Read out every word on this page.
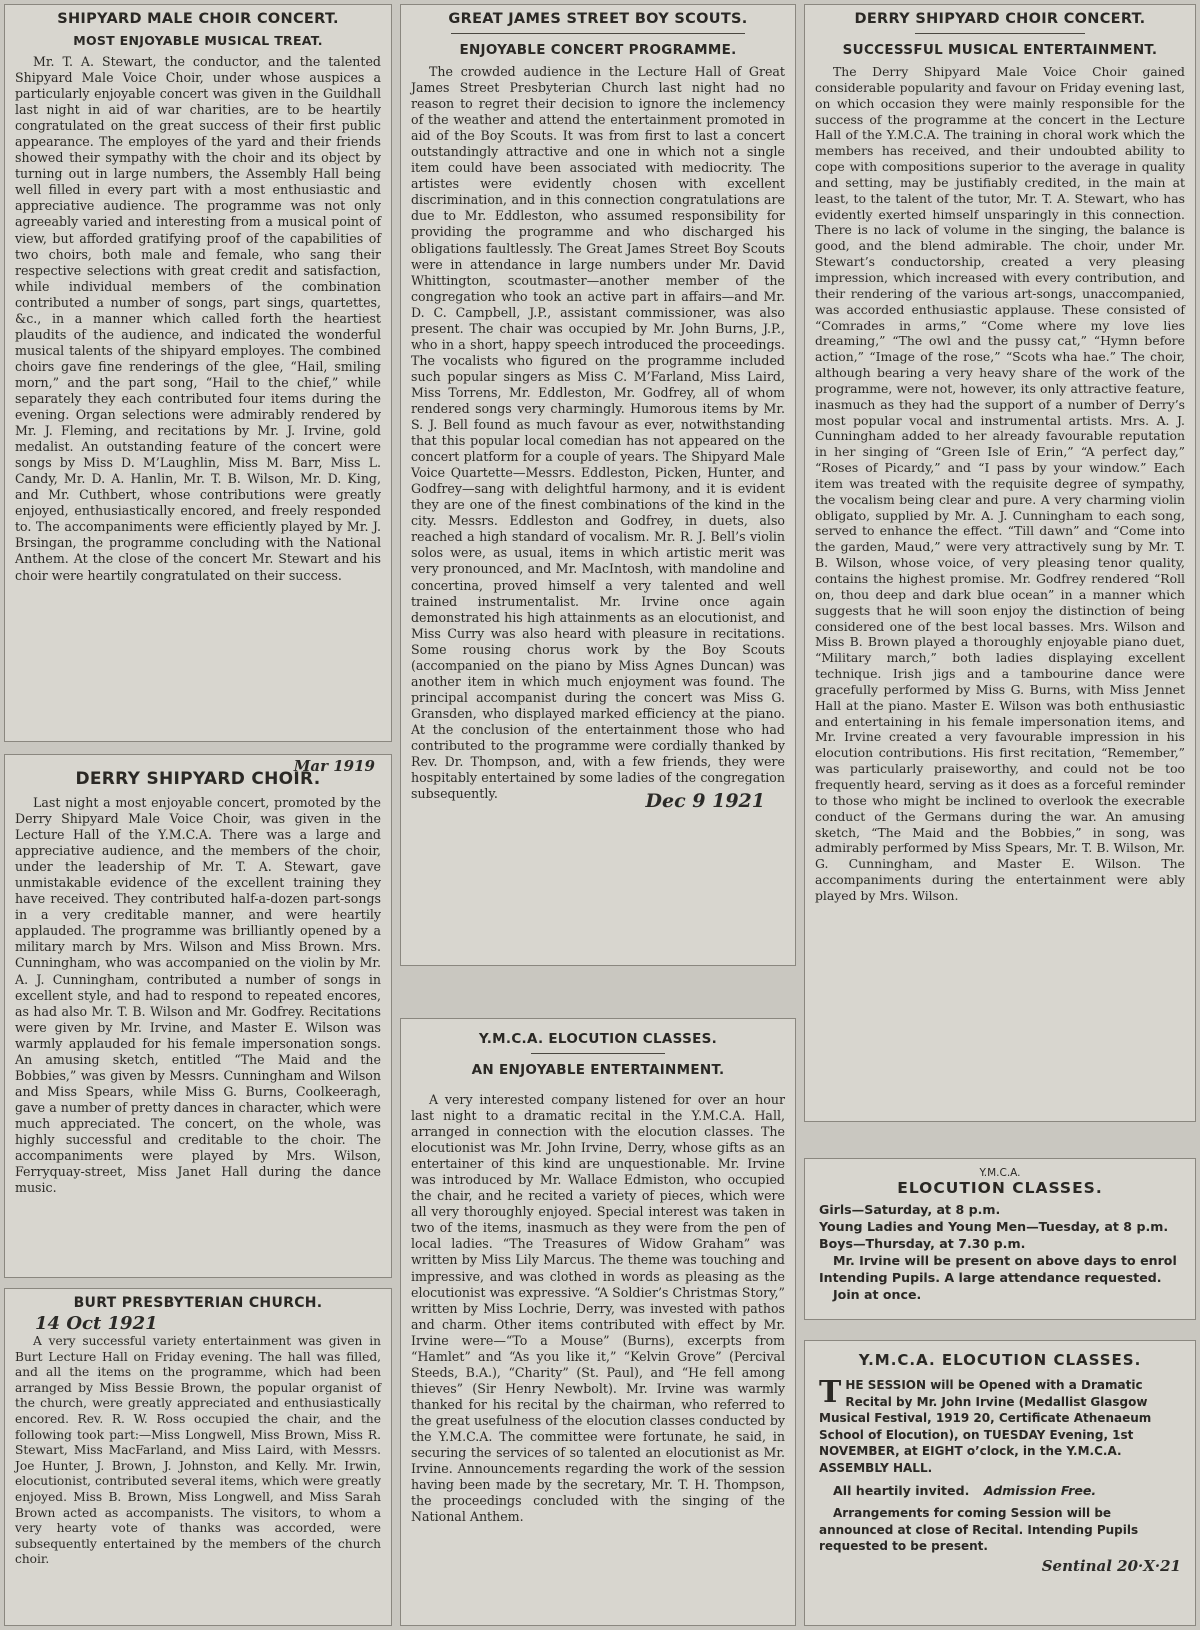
SHIPYARD MALE CHOIR CONCERT.
MOST ENJOYABLE MUSICAL TREAT.

Mr. T. A. Stewart, the conductor, and the talented Shipyard Male Voice Choir, under whose auspices a particularly enjoyable concert was given in the Guildhall last night in aid of war charities, are to be heartily congratulated on the great success of their first public appearance. The employes of the yard and their friends showed their sympathy with the choir and its object by turning out in large numbers, the Assembly Hall being well filled in every part with a most enthusiastic and appreciative audience. The programme was not only agreeably varied and interesting from a musical point of view, but afforded gratifying proof of the capabilities of two choirs, both male and female, who sang their respective selections with great credit and satisfaction, while individual members of the combination contributed a number of songs, part sings, quartettes, &c., in a manner which called forth the heartiest plaudits of the audience, and indicated the wonderful musical talents of the shipyard employes. The combined choirs gave fine renderings of the glee, “Hail, smiling morn,” and the part song, “Hail to the chief,” while separately they each contributed four items during the evening. Organ selections were admirably rendered by Mr. J. Fleming, and recitations by Mr. J. Irvine, gold medalist. An outstanding feature of the concert were songs by Miss D. M’Laughlin, Miss M. Barr, Miss L. Candy, Mr. D. A. Hanlin, Mr. T. B. Wilson, Mr. D. King, and Mr. Cuthbert, whose contributions were greatly enjoyed, enthusiastically encored, and freely responded to. The accompaniments were efficiently played by Mr. J. Brsingan, the programme concluding with the National Anthem. At the close of the concert Mr. Stewart and his choir were heartily congratulated on their success.

DERRY SHIPYARD CHOIR.
Mar 1919

Last night a most enjoyable concert, promoted by the Derry Shipyard Male Voice Choir, was given in the Lecture Hall of the Y.M.C.A. There was a large and appreciative audience, and the members of the choir, under the leadership of Mr. T. A. Stewart, gave unmistakable evidence of the excellent training they have received. They contributed half-a-dozen part-songs in a very creditable manner, and were heartily applauded. The programme was brilliantly opened by a military march by Mrs. Wilson and Miss Brown. Mrs. Cunningham, who was accompanied on the violin by Mr. A. J. Cunningham, contributed a number of songs in excellent style, and had to respond to repeated encores, as had also Mr. T. B. Wilson and Mr. Godfrey. Recitations were given by Mr. Irvine, and Master E. Wilson was warmly applauded for his female impersonation songs. An amusing sketch, entitled “The Maid and the Bobbies,” was given by Messrs. Cunningham and Wilson and Miss Spears, while Miss G. Burns, Coolkeeragh, gave a number of pretty dances in character, which were much appreciated. The concert, on the whole, was highly successful and creditable to the choir. The accompaniments were played by Mrs. Wilson, Ferryquay-street, Miss Janet Hall during the dance music.

BURT PRESBYTERIAN CHURCH.
14 Oct 1921

A very successful variety entertainment was given in Burt Lecture Hall on Friday evening. The hall was filled, and all the items on the programme, which had been arranged by Miss Bessie Brown, the popular organist of the church, were greatly appreciated and enthusiastically encored. Rev. R. W. Ross occupied the chair, and the following took part:—Miss Longwell, Miss Brown, Miss R. Stewart, Miss MacFarland, and Miss Laird, with Messrs. Joe Hunter, J. Brown, J. Johnston, and Kelly. Mr. Irwin, elocutionist, contributed several items, which were greatly enjoyed. Miss B. Brown, Miss Longwell, and Miss Sarah Brown acted as accompanists. The visitors, to whom a very hearty vote of thanks was accorded, were subsequently entertained by the members of the church choir.

GREAT JAMES STREET BOY SCOUTS.
ENJOYABLE CONCERT PROGRAMME.

The crowded audience in the Lecture Hall of Great James Street Presbyterian Church last night had no reason to regret their decision to ignore the inclemency of the weather and attend the entertainment promoted in aid of the Boy Scouts. It was from first to last a concert outstandingly attractive and one in which not a single item could have been associated with mediocrity. The artistes were evidently chosen with excellent discrimination, and in this connection congratulations are due to Mr. Eddleston, who assumed responsibility for providing the programme and who discharged his obligations faultlessly. The Great James Street Boy Scouts were in attendance in large numbers under Mr. David Whittington, scoutmaster—another member of the congregation who took an active part in affairs—and Mr. D. C. Campbell, J.P., assistant commissioner, was also present. The chair was occupied by Mr. John Burns, J.P., who in a short, happy speech introduced the proceedings. The vocalists who figured on the programme included such popular singers as Miss C. M’Farland, Miss Laird, Miss Torrens, Mr. Eddleston, Mr. Godfrey, all of whom rendered songs very charmingly. Humorous items by Mr. S. J. Bell found as much favour as ever, notwithstanding that this popular local comedian has not appeared on the concert platform for a couple of years. The Shipyard Male Voice Quartette—Messrs. Eddleston, Picken, Hunter, and Godfrey—sang with delightful harmony, and it is evident they are one of the finest combinations of the kind in the city. Messrs. Eddleston and Godfrey, in duets, also reached a high standard of vocalism. Mr. R. J. Bell’s violin solos were, as usual, items in which artistic merit was very pronounced, and Mr. MacIntosh, with mandoline and concertina, proved himself a very talented and well trained instrumentalist. Mr. Irvine once again demonstrated his high attainments as an elocutionist, and Miss Curry was also heard with pleasure in recitations. Some rousing chorus work by the Boy Scouts (accompanied on the piano by Miss Agnes Duncan) was another item in which much enjoyment was found. The principal accompanist during the concert was Miss G. Gransden, who displayed marked efficiency at the piano. At the conclusion of the entertainment those who had contributed to the programme were cordially thanked by Rev. Dr. Thompson, and, with a few friends, they were hospitably entertained by some ladies of the congregation subsequently.	Dec 9 1921
Y.M.C.A. ELOCUTION CLASSES.
AN ENJOYABLE ENTERTAINMENT.

A very interested company listened for over an hour last night to a dramatic recital in the Y.M.C.A. Hall, arranged in connection with the elocution classes. The elocutionist was Mr. John Irvine, Derry, whose gifts as an entertainer of this kind are unquestionable. Mr. Irvine was introduced by Mr. Wallace Edmiston, who occupied the chair, and he recited a variety of pieces, which were all very thoroughly enjoyed. Special interest was taken in two of the items, inasmuch as they were from the pen of local ladies. “The Treasures of Widow Graham” was written by Miss Lily Marcus. The theme was touching and impressive, and was clothed in words as pleasing as the elocutionist was expressive. “A Soldier’s Christmas Story,” written by Miss Lochrie, Derry, was invested with pathos and charm. Other items contributed with effect by Mr. Irvine were—“To a Mouse” (Burns), excerpts from “Hamlet” and “As you like it,” “Kelvin Grove” (Percival Steeds, B.A.), “Charity” (St. Paul), and “He fell among thieves” (Sir Henry Newbolt). Mr. Irvine was warmly thanked for his recital by the chairman, who referred to the great usefulness of the elocution classes conducted by the Y.M.C.A. The committee were fortunate, he said, in securing the services of so talented an elocutionist as Mr. Irvine. Announcements regarding the work of the session having been made by the secretary, Mr. T. H. Thompson, the proceedings concluded with the singing of the National Anthem.

DERRY SHIPYARD CHOIR CONCERT.
SUCCESSFUL MUSICAL ENTERTAINMENT.

The Derry Shipyard Male Voice Choir gained considerable popularity and favour on Friday evening last, on which occasion they were mainly responsible for the success of the programme at the concert in the Lecture Hall of the Y.M.C.A. The training in choral work which the members has received, and their undoubted ability to cope with compositions superior to the average in quality and setting, may be justifiably credited, in the main at least, to the talent of the tutor, Mr. T. A. Stewart, who has evidently exerted himself unsparingly in this connection. There is no lack of volume in the singing, the balance is good, and the blend admirable. The choir, under Mr. Stewart’s conductorship, created a very pleasing impression, which increased with every contribution, and their rendering of the various art-songs, unaccompanied, was accorded enthusiastic applause. These consisted of “Comrades in arms,” “Come where my love lies dreaming,” “The owl and the pussy cat,” “Hymn before action,” “Image of the rose,” “Scots wha hae.” The choir, although bearing a very heavy share of the work of the programme, were not, however, its only attractive feature, inasmuch as they had the support of a number of Derry’s most popular vocal and instrumental artists. Mrs. A. J. Cunningham added to her already favourable reputation in her singing of “Green Isle of Erin,” “A perfect day,” “Roses of Picardy,” and “I pass by your window.” Each item was treated with the requisite degree of sympathy, the vocalism being clear and pure. A very charming violin obligato, supplied by Mr. A. J. Cunningham to each song, served to enhance the effect. “Till dawn” and “Come into the garden, Maud,” were very attractively sung by Mr. T. B. Wilson, whose voice, of very pleasing tenor quality, contains the highest promise. Mr. Godfrey rendered “Roll on, thou deep and dark blue ocean” in a manner which suggests that he will soon enjoy the distinction of being considered one of the best local basses. Mrs. Wilson and Miss B. Brown played a thoroughly enjoyable piano duet, “Military march,” both ladies displaying excellent technique. Irish jigs and a tambourine dance were gracefully performed by Miss G. Burns, with Miss Jennet Hall at the piano. Master E. Wilson was both enthusiastic and entertaining in his female impersonation items, and Mr. Irvine created a very favourable impression in his elocution contributions. His first recitation, “Remember,” was particularly praiseworthy, and could not be too frequently heard, serving as it does as a forceful reminder to those who might be inclined to overlook the execrable conduct of the Germans during the war. An amusing sketch, “The Maid and the Bobbies,” in song, was admirably performed by Miss Spears, Mr. T. B. Wilson, Mr. G. Cunningham, and Master E. Wilson. The accompaniments during the entertainment were ably played by Mrs. Wilson.

Y.M.C.A.
ELOCUTION CLASSES.

Girls—Saturday, at 8 p.m.

Young Ladies and Young Men—Tuesday, at 8 p.m.

Boys—Thursday, at 7.30 p.m.

Mr. Irvine will be present on above days to enrol Intending Pupils. A large attendance requested.

Join at once.

Y.M.C.A. ELOCUTION CLASSES.

THE SESSION will be Opened with a Dramatic Recital by Mr. John Irvine (Medallist Glasgow Musical Festival, 1919 20, Certificate Athenaeum School of Elocution), on TUESDAY Evening, 1st NOVEMBER, at EIGHT o’clock, in the Y.M.C.A. ASSEMBLY HALL.

All heartily invited. Admission Free.

Arrangements for coming Session will be announced at close of Recital. Intending Pupils requested to be present.

Sentinal 20·X·21
